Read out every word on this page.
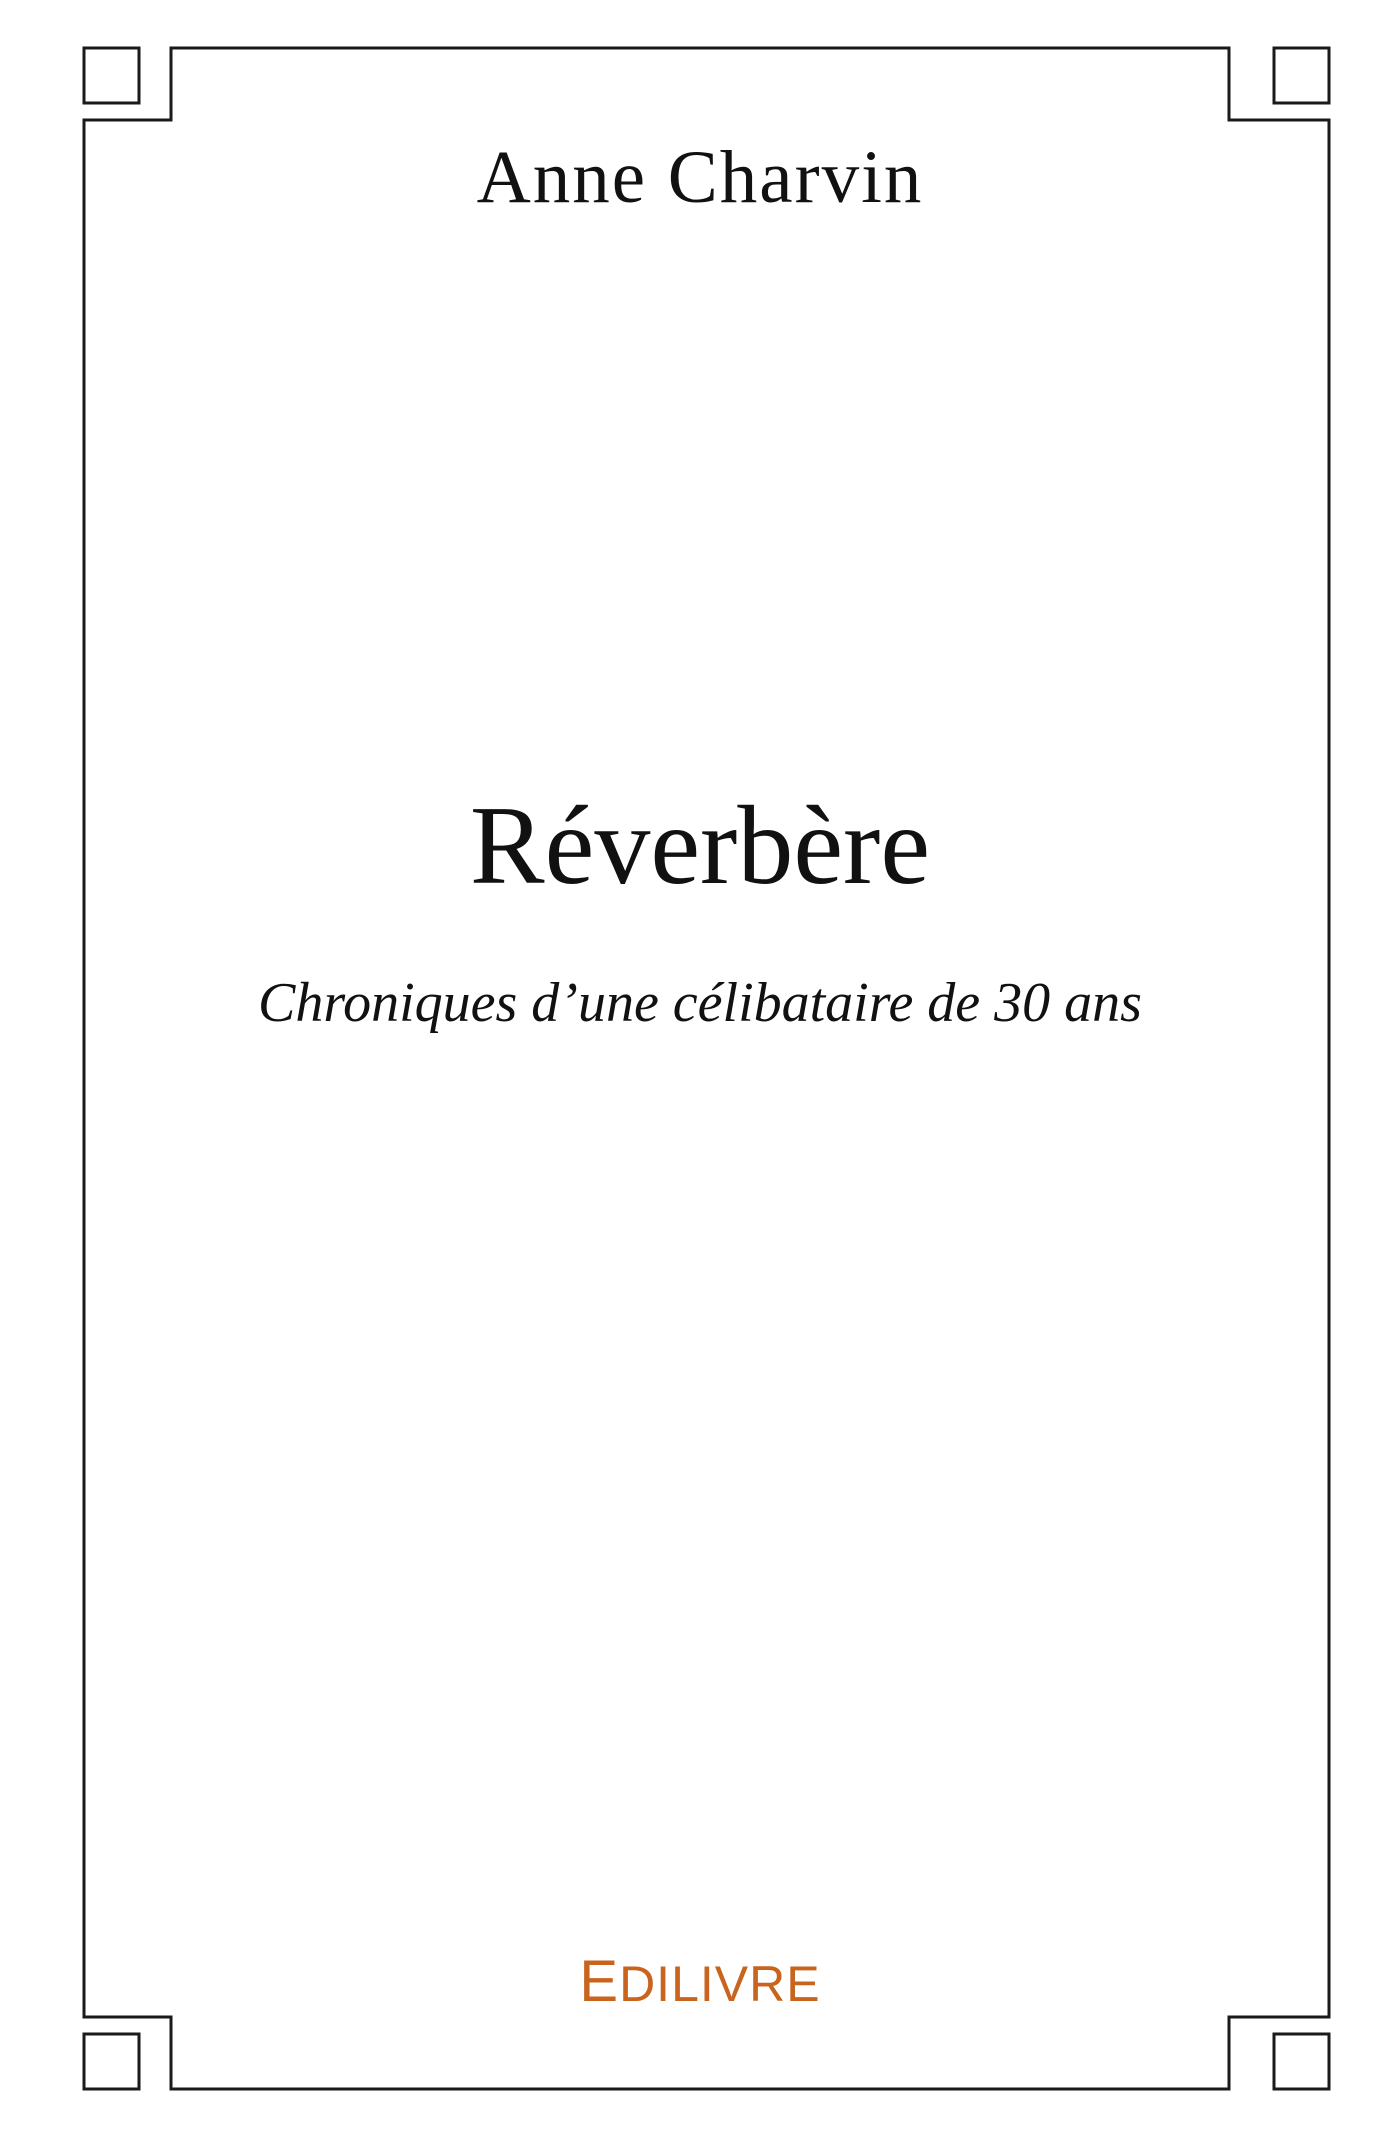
Anne Charvin
Réverbère
Chroniques d’une célibataire de 30 ans
EDILIVRE
